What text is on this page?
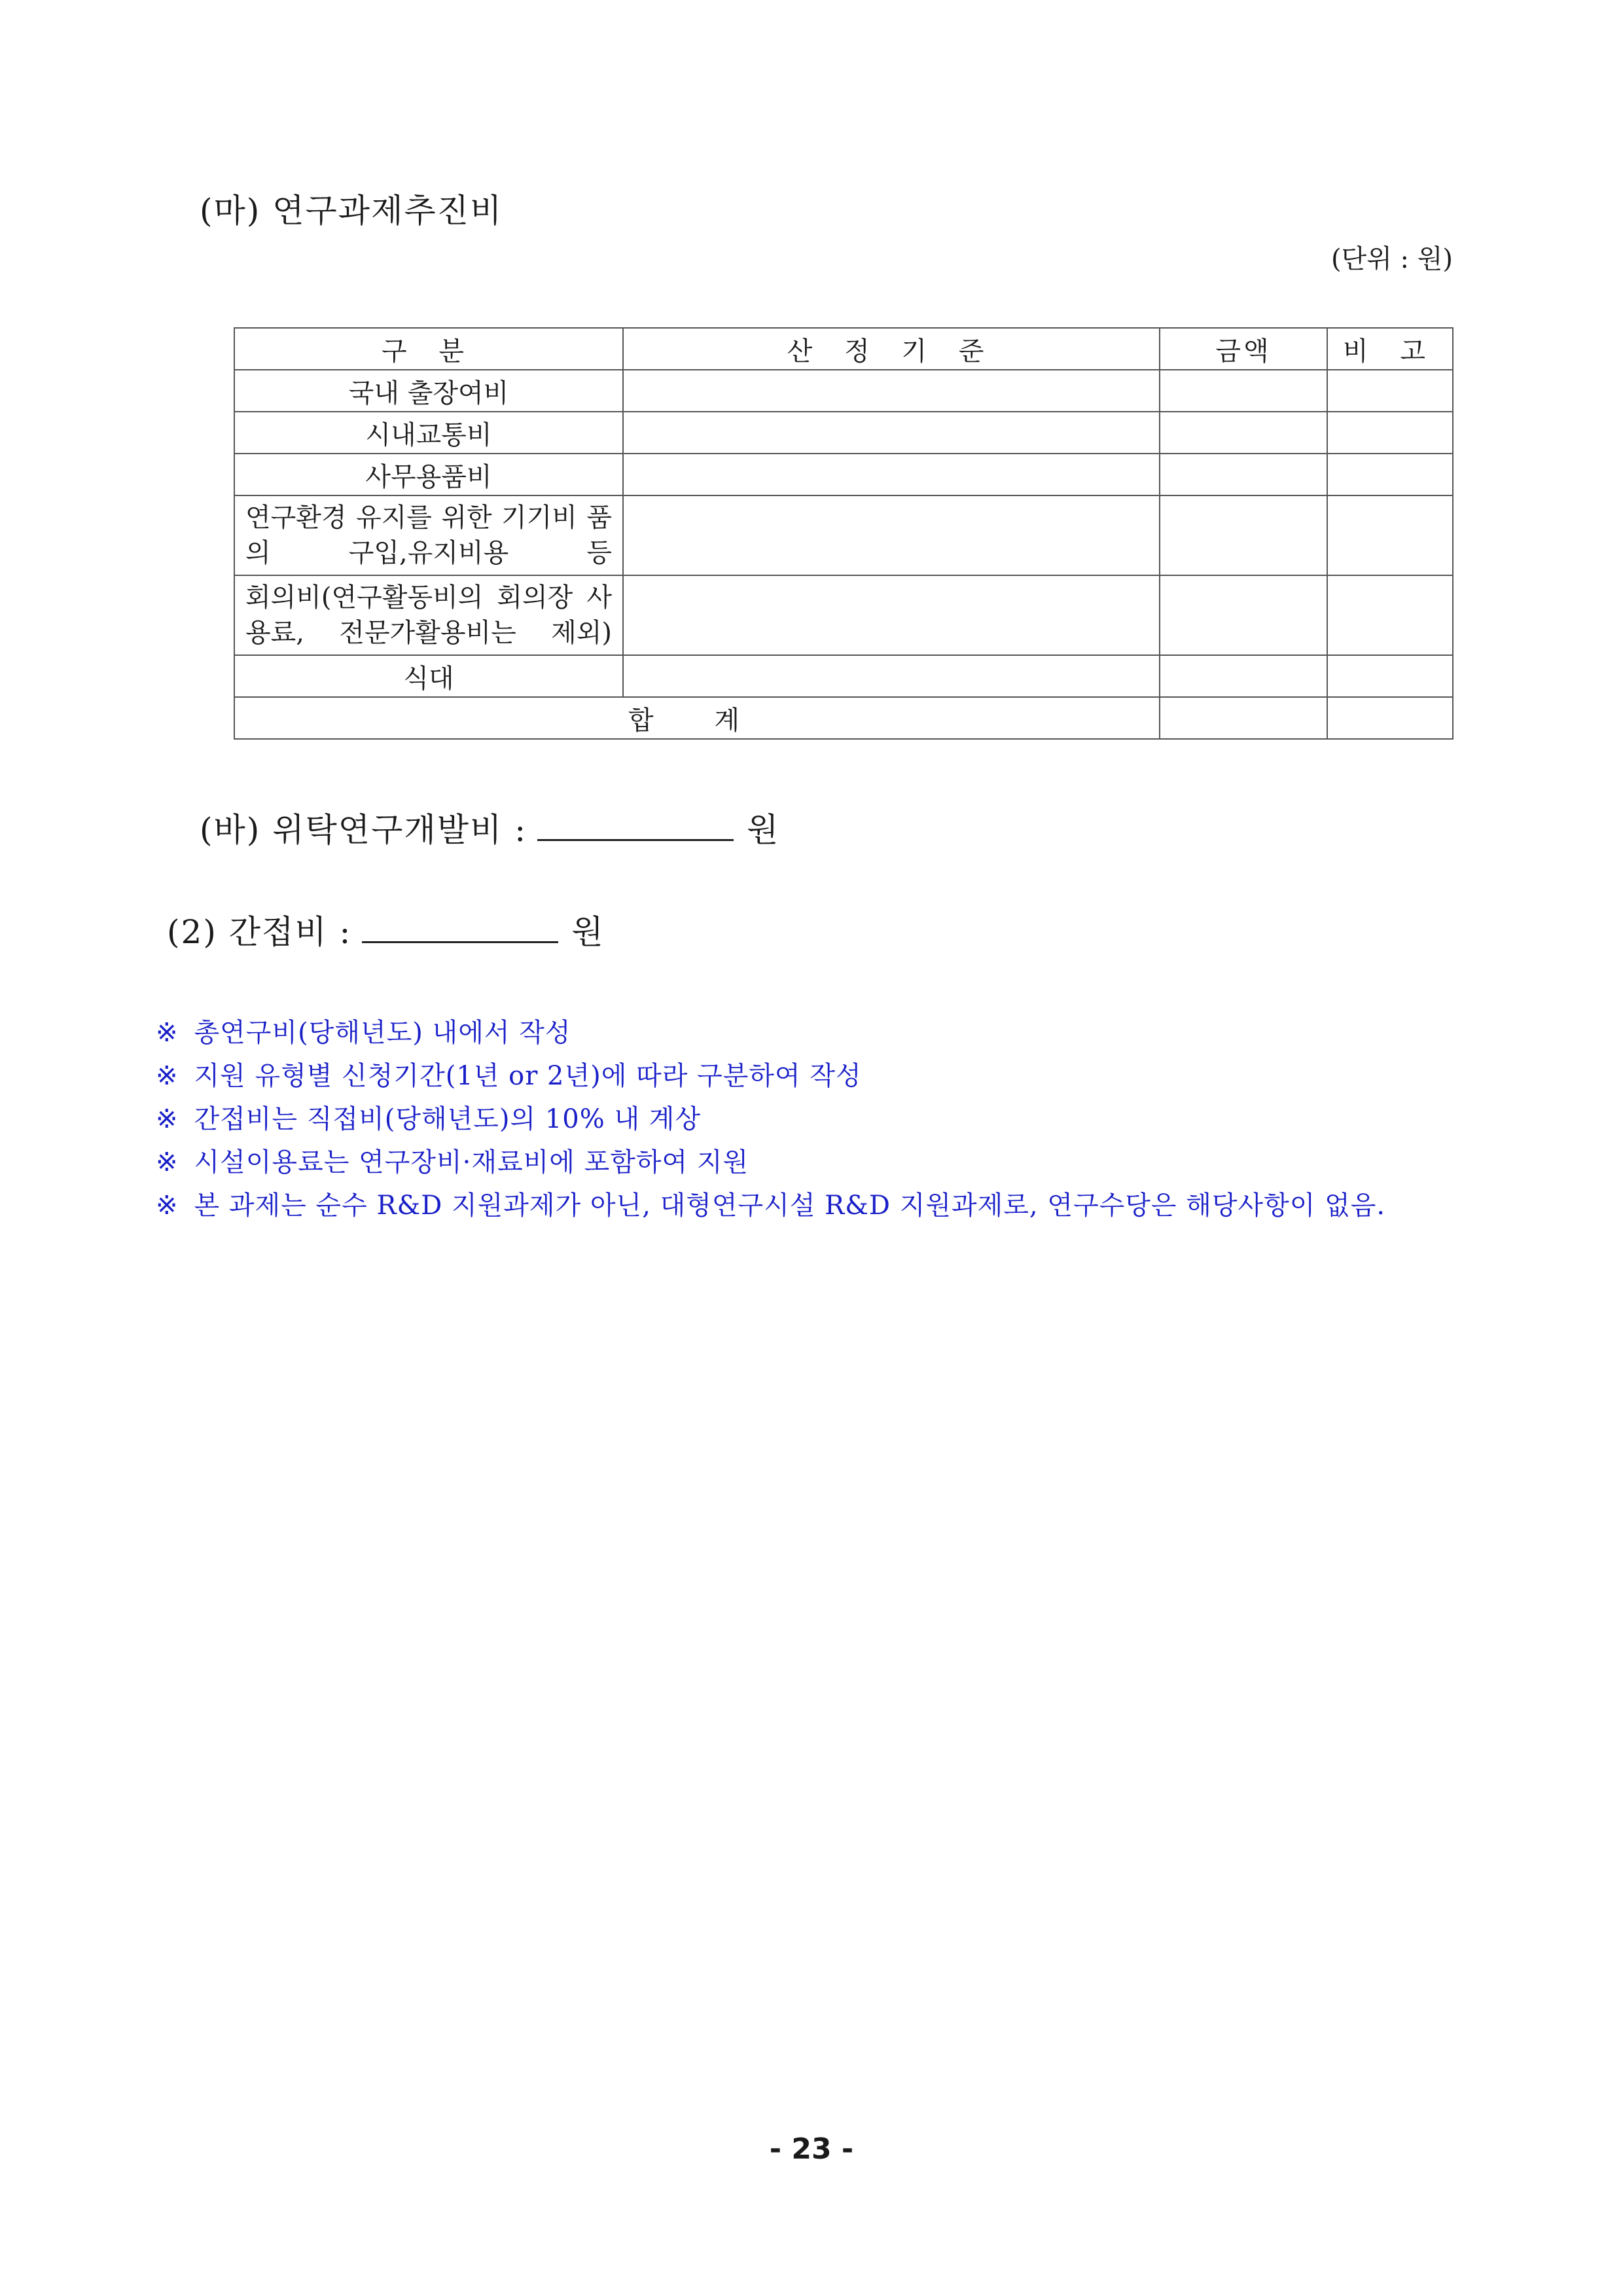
(마) 연구과제추진비
(단위 : 원)
구 분	산 정 기 준	금액	비 고
국내 출장여비			
시내교통비			
사무용품비			
연구환경 유지를 위한 기기비 품의 구입,유지비용 등			
회의비(연구활동비의 회의장 사용료, 전문가활용비는 제외)			
식대			
합 계			
(바) 위탁연구개발비 :	원
(2) 간접비 :	원
※ 총연구비(당해년도) 내에서 작성
※ 지원 유형별 신청기간(1년 or 2년)에 따라 구분하여 작성
※ 간접비는 직접비(당해년도)의 10% 내 계상
※ 시설이용료는 연구장비·재료비에 포함하여 지원
※ 본 과제는 순수 R&D 지원과제가 아닌, 대형연구시설 R&D 지원과제로, 연구수당은 해당사항이 없음.
- 23 -
